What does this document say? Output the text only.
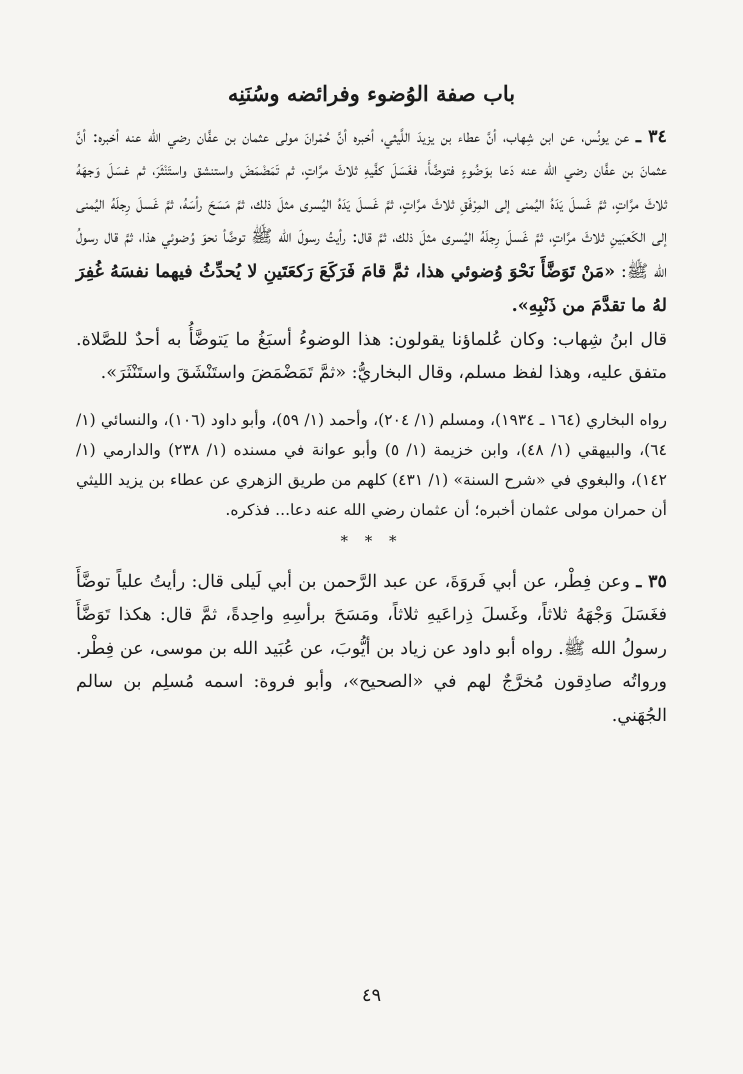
باب صفة الوُضوء وفرائضه وسُنَنِه

٣٤ ـ عن يونُس، عن ابن شِهاب، أنَّ عطاء بن يزيدَ اللَّيثي، أخبره أنَّ حُمْرانَ مولى عثمان بن عفَّان رضي الله عنه أخبره: أنَّ عثمانَ بن عفَّان رضي الله عنه دَعا بوَضُوءٍ فتوضَّأَ، فغَسَلَ كفَّيهِ ثلاثَ مرَّاتٍ، ثم تَمَضْمَضَ واستنشق واستَنْثَرَ، ثم غسَلَ وَجهَهُ ثلاثَ مرَّاتٍ، ثمَّ غَسلَ يَدَهُ اليُمنى إلى المِرْفَقِ ثلاثَ مرَّاتٍ، ثمَّ غَسلَ يَدَهُ اليُسرى مثلَ ذلك، ثمَّ مَسَحَ رأسَهُ، ثمَّ غَسلَ رِجلَهُ اليُمنى إلى الكَعبَينِ ثلاثَ مرَّاتٍ، ثمَّ غَسلَ رِجلَهُ اليُسرى مثلَ ذلك، ثمَّ قال: رأيتُ رسولَ الله ﷺ توضَّأ نحوَ وُضوئي هذا، ثمَّ قال رسولُ الله ﷺ: «مَنْ تَوَضَّأَ نَحْوَ وُضوئي هذا، ثمَّ قامَ فَرَكَعَ رَكعَتَينِ لا يُحدِّثُ فيهما نفسَهُ غُفِرَ لهُ ما تقدَّمَ من ذَنْبِهِ».

قال ابنُ شِهاب: وكان عُلماؤنا يقولون: هذا الوضوءُ أسبَغُ ما يَتوضَّأُ به أحدٌ للصَّلاة. متفق عليه، وهذا لفظ مسلم، وقال البخاريُّ: «ثمَّ تَمَضْمَضَ واستَنْشَقَ واستَنْثَرَ».

رواه البخاري (١٦٤ ـ ١٩٣٤)، ومسلم (١/ ٢٠٤)، وأحمد (١/ ٥٩)، وأبو داود (١٠٦)، والنسائي (١/ ٦٤)، والبيهقي (١/ ٤٨)، وابن خزيمة (١/ ٥) وأبو عوانة في مسنده (١/ ٢٣٨) والدارمي (١/ ١٤٢)، والبغوي في «شرح السنة» (١/ ٤٣١) كلهم من طريق الزهري عن عطاء بن يزيد الليثي أن حمران مولى عثمان أخبره؛ أن عثمان رضي الله عنه دعا... فذكره.

* * *

٣٥ ـ وعن فِطْر، عن أبي فَروَةَ، عن عبد الرَّحمن بن أبي لَيلى قال: رأيتُ علياً توضَّأَ فغَسَلَ وَجْهَهُ ثلاثاً، وغَسلَ ذِراعَيهِ ثلاثاً، ومَسَحَ برأسِهِ واحِدةً، ثمَّ قال: هكذا تَوَضَّأَ رسولُ الله ﷺ. رواه أبو داود عن زياد بن أيُّوبَ، عن عُبَيد الله بن موسى، عن فِطْر. ورواتُه صادِقون مُخرَّجٌ لهم في «الصحيح»، وأبو فروة: اسمه مُسلِم بن سالم الجُهَني.

٤٩
